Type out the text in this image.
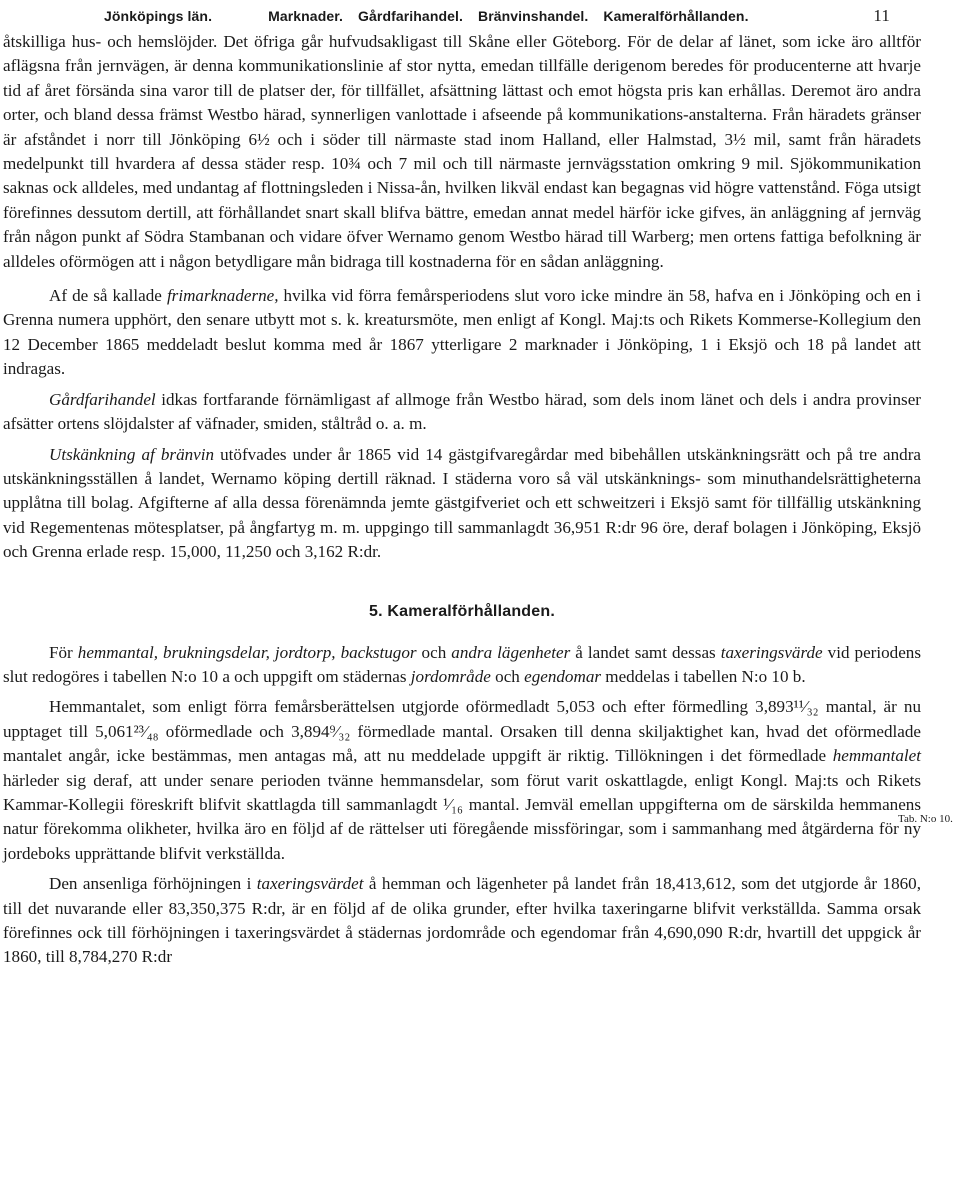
Jönköpings län.	Marknader. Gårdfarihandel. Bränvinshandel. Kameralförhållanden.	11

åtskilliga hus- och hemslöjder. Det öfriga går hufvudsakligast till Skåne eller Göteborg. För de delar af länet, som icke äro alltför aflägsna från jernvägen, är denna kommunikationslinie af stor nytta, emedan tillfälle derigenom beredes för producenterne att hvarje tid af året försända sina varor till de platser der, för tillfället, afsättning lättast och emot högsta pris kan erhållas. Deremot äro andra orter, och bland dessa främst Westbo härad, synnerligen vanlottade i afseende på kommunikations-anstalterna. Från häradets gränser är afståndet i norr till Jönköping 6½ och i söder till närmaste stad inom Halland, eller Halmstad, 3½ mil, samt från häradets medelpunkt till hvardera af dessa städer resp. 10¾ och 7 mil och till närmaste jernvägsstation omkring 9 mil. Sjökommunikation saknas ock alldeles, med undantag af flottningsleden i Nissa-ån, hvilken likväl endast kan begagnas vid högre vattenstånd. Föga utsigt förefinnes dessutom dertill, att förhållandet snart skall blifva bättre, emedan annat medel härför icke gifves, än anläggning af jernväg från någon punkt af Södra Stambanan och vidare öfver Wernamo genom Westbo härad till Warberg; men ortens fattiga befolkning är alldeles oförmögen att i någon betydligare mån bidraga till kostnaderna för en sådan anläggning.

Af de så kallade frimarknaderne, hvilka vid förra femårsperiodens slut voro icke mindre än 58, hafva en i Jönköping och en i Grenna numera upphört, den senare utbytt mot s. k. kreatursmöte, men enligt af Kongl. Maj:ts och Rikets Kommerse-Kollegium den 12 December 1865 meddeladt beslut komma med år 1867 ytterligare 2 marknader i Jönköping, 1 i Eksjö och 18 på landet att indragas.

Gårdfarihandel idkas fortfarande förnämligast af allmoge från Westbo härad, som dels inom länet och dels i andra provinser afsätter ortens slöjdalster af väfnader, smiden, ståltråd o. a. m.

Utskänkning af bränvin utöfvades under år 1865 vid 14 gästgifvaregårdar med bibehållen utskänkningsrätt och på tre andra utskänkningsställen å landet, Wernamo köping dertill räknad. I städerna voro så väl utskänknings- som minuthandelsrättigheterna upplåtna till bolag. Afgifterne af alla dessa förenämnda jemte gästgifveriet och ett schweitzeri i Eksjö samt för tillfällig utskänkning vid Regementenas mötesplatser, på ångfartyg m. m. uppgingo till sammanlagdt 36,951 R:dr 96 öre, deraf bolagen i Jönköping, Eksjö och Grenna erlade resp. 15,000, 11,250 och 3,162 R:dr.

5. Kameralförhållanden.

För hemmantal, brukningsdelar, jordtorp, backstugor och andra lägenheter å landet samt dessas taxeringsvärde vid periodens slut redogöres i tabellen N:o 10 a och uppgift om städernas jordområde och egendomar meddelas i tabellen N:o 10 b.

Hemmantalet, som enligt förra femårsberättelsen utgjorde oförmedladt 5,053 och efter förmedling 3,893¹¹⁄₃₂ mantal, är nu upptaget till 5,061²³⁄₄₈ oförmedlade och 3,894⁹⁄₃₂ förmedlade mantal. Orsaken till denna skiljaktighet kan, hvad det oförmedlade mantalet angår, icke bestämmas, men antagas må, att nu meddelade uppgift är riktig. Tillökningen i det förmedlade hemmantalet härleder sig deraf, att under senare perioden tvänne hemmansdelar, som förut varit oskattlagde, enligt Kongl. Maj:ts och Rikets Kammar-Kollegii föreskrift blifvit skattlagda till sammanlagdt ¹⁄₁₆ mantal. Jemväl emellan uppgifterna om de särskilda hemmanens natur förekomma olikheter, hvilka äro en följd af de rättelser uti föregående missföringar, som i sammanhang med åtgärderna för ny jordeboks upprättande blifvit verkställda.

Den ansenliga förhöjningen i taxeringsvärdet å hemman och lägenheter på landet från 18,413,612, som det utgjorde år 1860, till det nuvarande eller 83,350,375 R:dr, är en följd af de olika grunder, efter hvilka taxeringarne blifvit verkställda. Samma orsak förefinnes ock till förhöjningen i taxeringsvärdet å städernas jordområde och egendomar från 4,690,090 R:dr, hvartill det uppgick år 1860, till 8,784,270 R:dr

Tab. N:o 10.
